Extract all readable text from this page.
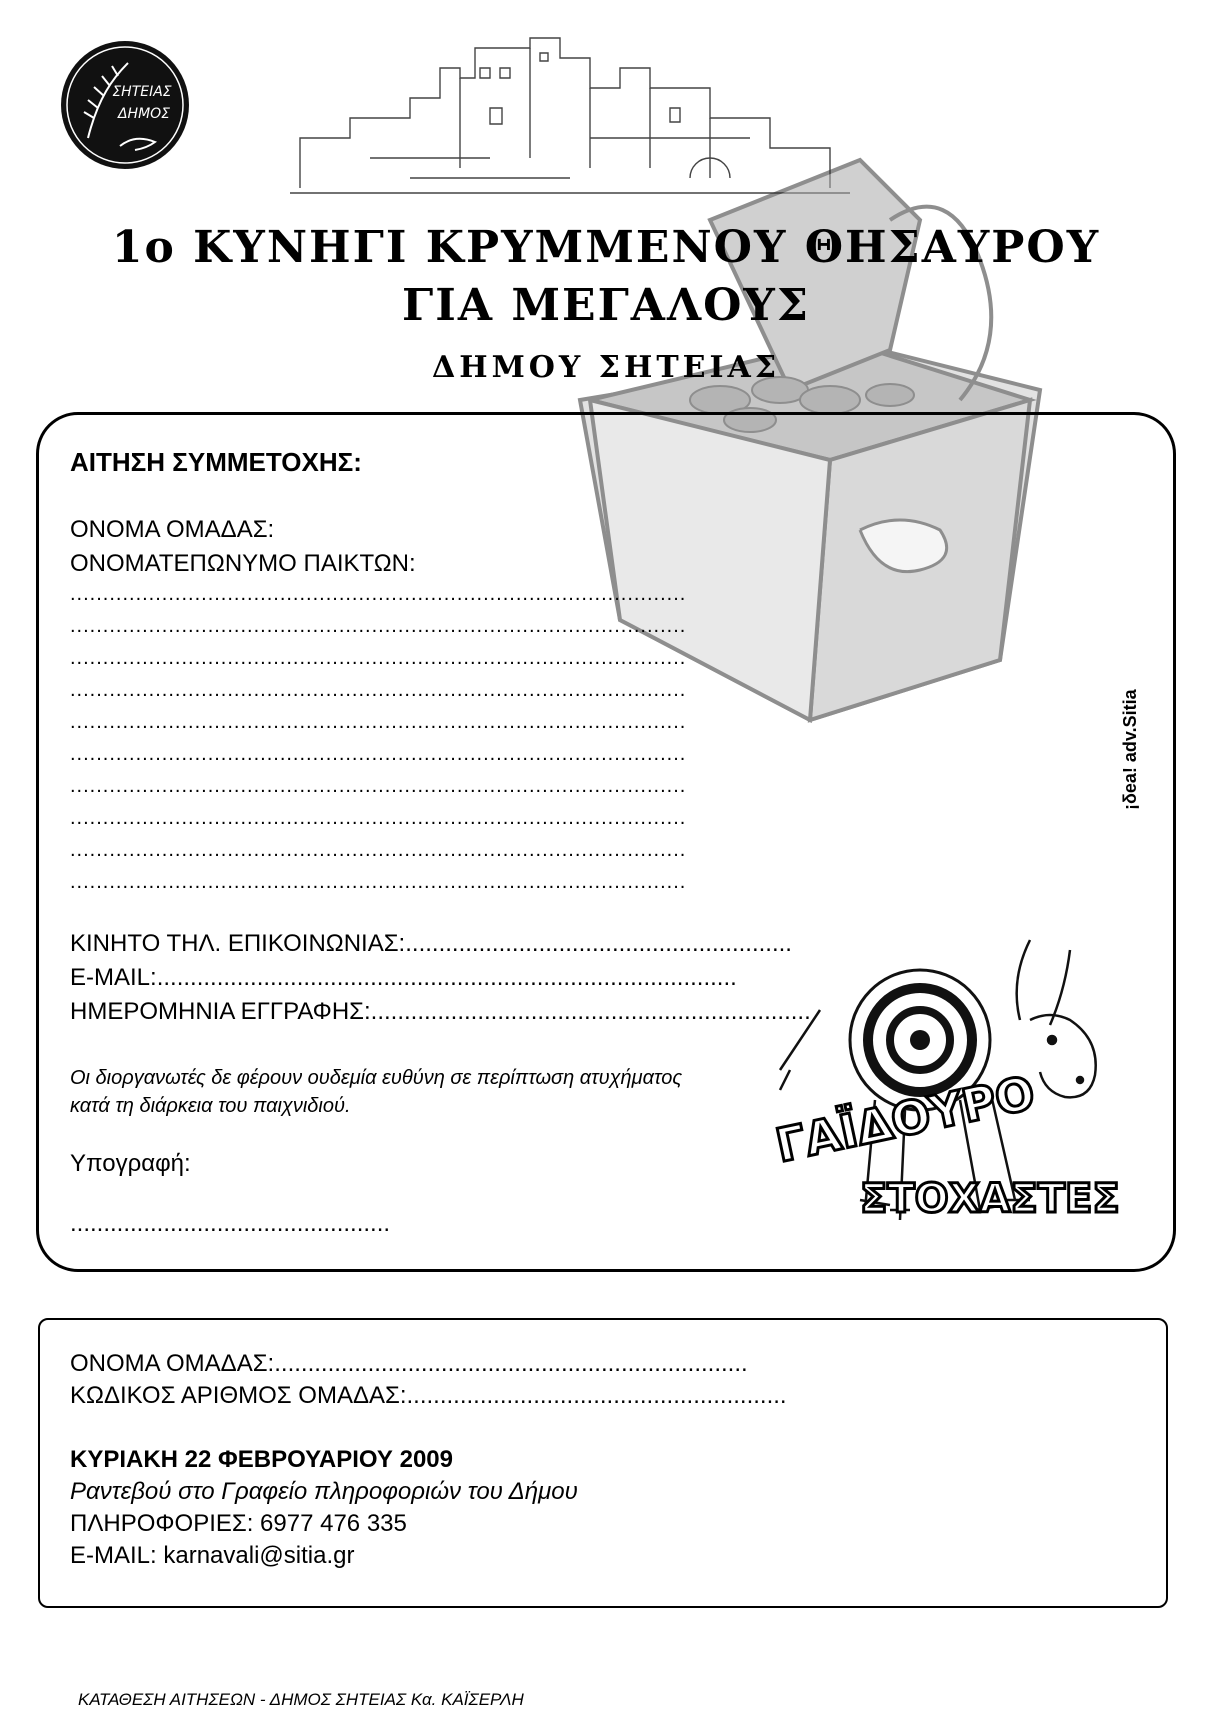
ΣΗΤΕΙΑΣ
ΔΗΜΟΣ
1ο ΚΥΝΗΓΙ ΚΡΥΜΜΕΝΟΥ ΘΗΣΑΥΡΟΥ
ΓΙΑ ΜΕΓΑΛΟΥΣ
ΔΗΜΟΥ ΣΗΤΕΙΑΣ
ΑΙΤΗΣΗ ΣΥΜΜΕΤΟΧΗΣ:
ΟΝΟΜΑ ΟΜΑΔΑΣ:
ΟΝΟΜΑΤΕΠΩΝΥΜΟ ΠΑΙΚΤΩΝ:
..............................................................................................
..............................................................................................
..............................................................................................
..............................................................................................
..............................................................................................
..............................................................................................
..............................................................................................
..............................................................................................
..............................................................................................
..............................................................................................
ΚΙΝΗΤΟ ΤΗΛ. ΕΠΙΚΟΙΝΩΝΙΑΣ:..........................................................
E-MAIL:.......................................................................................
ΗΜΕΡΟΜΗΝΙΑ ΕΓΓΡΑΦΗΣ:..................................................................
Οι διοργανωτές δε φέρουν ουδεμία ευθύνη σε περίπτωση ατυχήματος
κατά τη διάρκεια του παιχνιδιού.
Υπογραφή:
................................................
¡δea! adv.Sitia
ΓΑΪΔΟΥΡΟ
ΣΤΟΧΑΣΤΕΣ
ΟΝΟΜΑ ΟΜΑΔΑΣ:.......................................................................
ΚΩΔΙΚΟΣ ΑΡΙΘΜΟΣ ΟΜΑΔΑΣ:.........................................................
ΚΥΡΙΑΚΗ 22 ΦΕΒΡΟΥΑΡΙΟΥ 2009
Ραντεβού στο Γραφείο πληροφοριών του Δήμου
ΠΛΗΡΟΦΟΡΙΕΣ: 6977 476 335
E-MAIL: karnavali@sitia.gr
ΚΑΤΑΘΕΣΗ ΑΙΤΗΣΕΩΝ - ΔΗΜΟΣ ΣΗΤΕΙΑΣ Κα. ΚΑΪΣΕΡΛΗ
